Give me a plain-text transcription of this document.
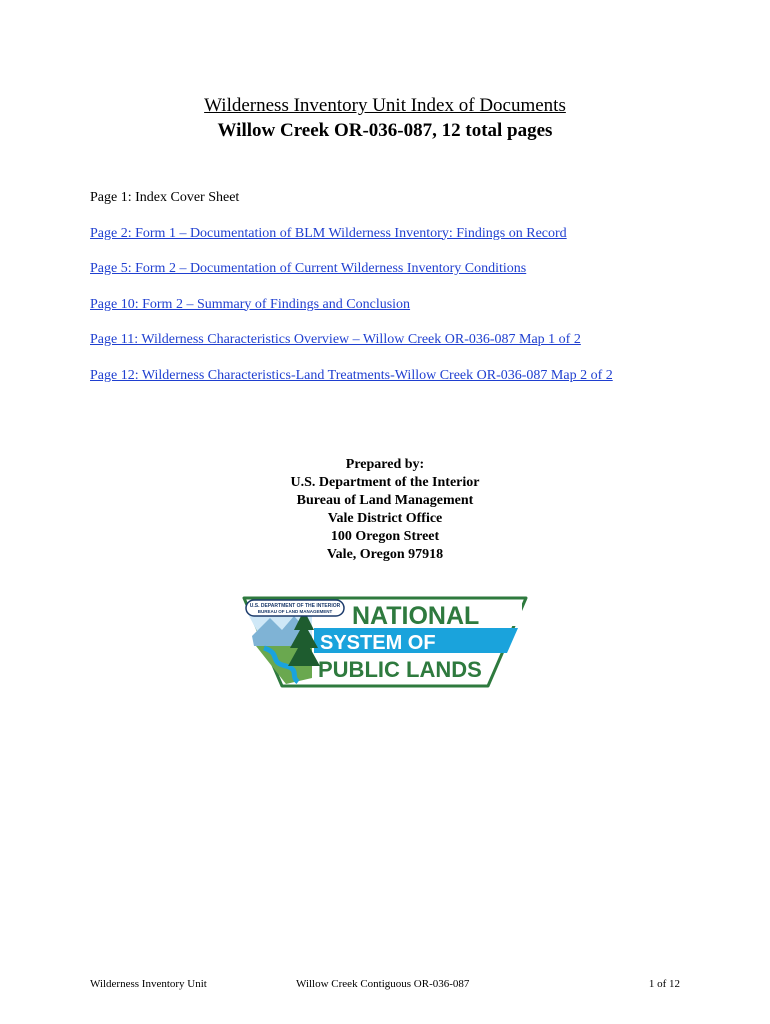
Wilderness Inventory Unit Index of Documents
Willow Creek OR-036-087, 12 total pages
Page 1: Index Cover Sheet
Page 2: Form 1 – Documentation of BLM Wilderness Inventory: Findings on Record
Page 5: Form 2 – Documentation of Current Wilderness Inventory Conditions
Page 10: Form 2 – Summary of Findings and Conclusion
Page 11: Wilderness Characteristics Overview – Willow Creek OR-036-087 Map 1 of 2
Page 12: Wilderness Characteristics-Land Treatments-Willow Creek OR-036-087 Map 2 of 2
Prepared by:
U.S. Department of the Interior
Bureau of Land Management
Vale District Office
100 Oregon Street
Vale, Oregon 97918
U.S. DEPARTMENT OF THE INTERIOR
BUREAU OF LAND MANAGEMENT NATIONAL
SYSTEM OF
PUBLIC LANDS
Wilderness Inventory Unit	Willow Creek Contiguous OR-036-087	1 of 12
